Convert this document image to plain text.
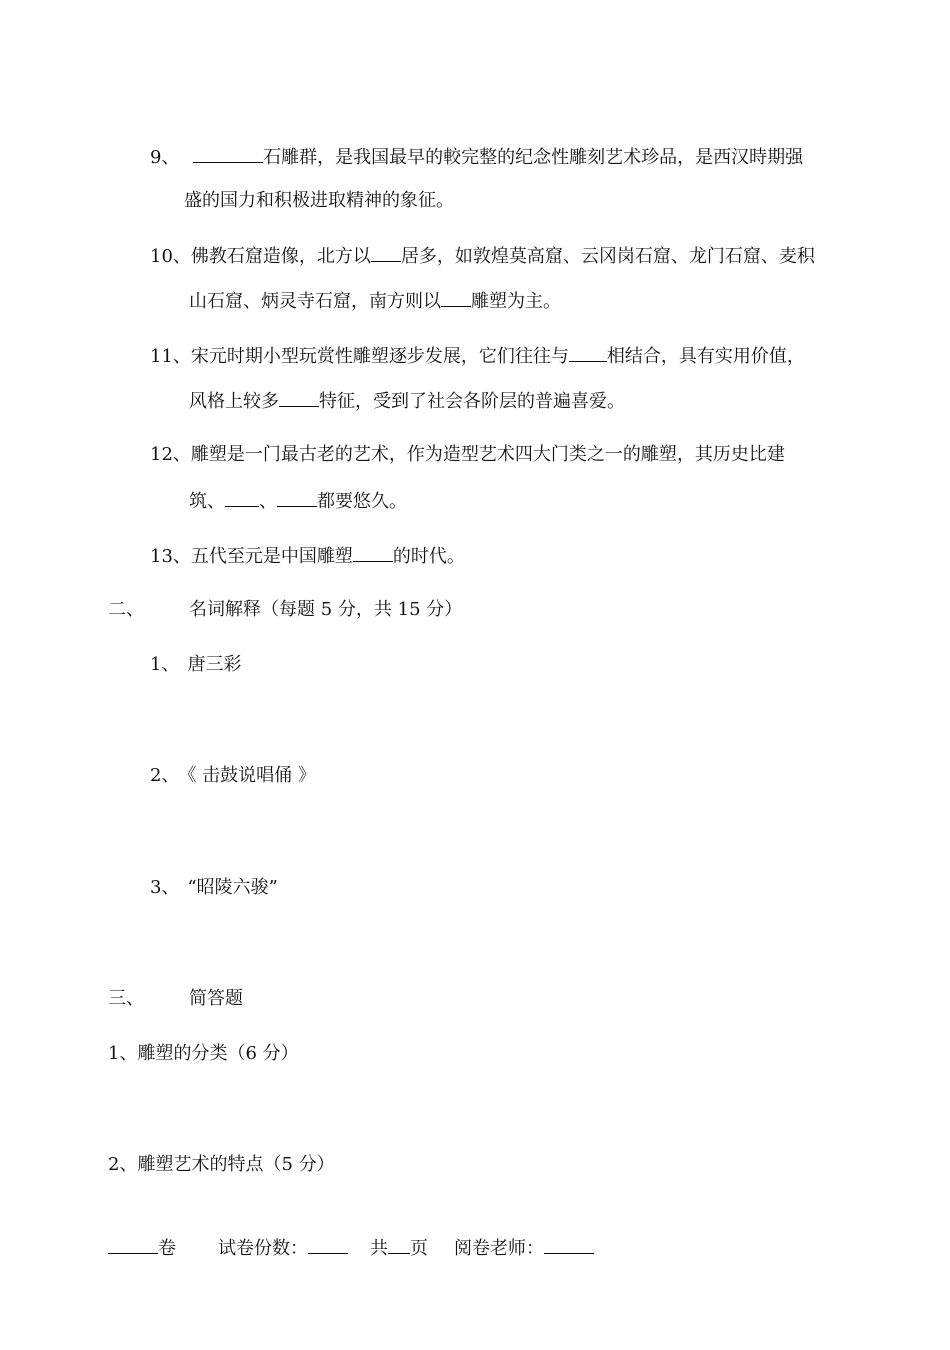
9、	石雕群，是我国最早的較完整的纪念性雕刻艺术珍品，是西汉時期强
盛的国力和积极进取精神的象征。
10、佛教石窟造像，北方以 居多，如敦煌莫高窟、云冈岗石窟、龙门石窟、麦积
山石窟、炳灵寺石窟，南方则以 雕塑为主。
11、宋元时期小型玩赏性雕塑逐步发展，它们往往与 相结合，具有实用价值，
风格上较多 特征，受到了社会各阶层的普遍喜爱。
12、雕塑是一门最古老的艺术，作为造型艺术四大门类之一的雕塑，其历史比建
筑、 、 都要悠久。
13、五代至元是中国雕塑 的时代。
二、	名词解释（每题 5 分，共 15 分）
1、 唐三彩
2、 《 击鼓说唱俑 》
3、 “昭陵六骏”
三、	简答题
1、雕塑的分类（6 分）
2、雕塑艺术的特点（5 分）
卷 试卷份数：	共 页 阅卷老师：
